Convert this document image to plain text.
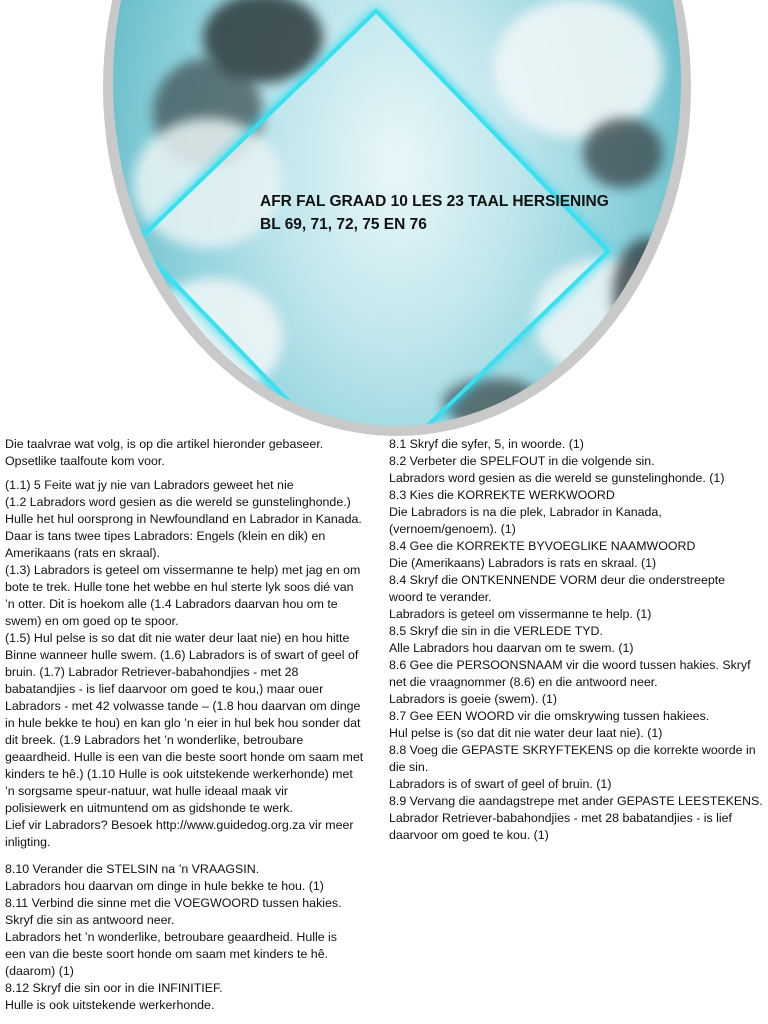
AFR FAL GRAAD 10 LES 23 TAAL HERSIENING
BL 69, 71, 72, 75 EN 76

Die taalvrae wat volg, is op die artikel hieronder gebaseer.

Opsetlike taalfoute kom voor.

(1.1) 5 Feite wat jy nie van Labradors geweet het nie

(1.2 Labradors word gesien as die wereld se gunstelinghonde.)

Hulle het hul oorsprong in Newfoundland en Labrador in Kanada.

Daar is tans twee tipes Labradors: Engels (klein en dik) en

Amerikaans (rats en skraal).

(1.3) Labradors is geteel om vissermanne te help) met jag en om

bote te trek. Hulle tone het webbe en hul sterte lyk soos dié van

’n otter. Dit is hoekom alle (1.4 Labradors daarvan hou om te

swem) en om goed op te spoor.

(1.5) Hul pelse is so dat dit nie water deur laat nie) en hou hitte

Binne wanneer hulle swem. (1.6) Labradors is of swart of geel of

bruin. (1.7) Labrador Retriever-babahondjies - met 28

babatandjies - is lief daarvoor om goed te kou,) maar ouer

Labradors - met 42 volwasse tande – (1.8 hou daarvan om dinge

in hule bekke te hou) en kan glo ’n eier in hul bek hou sonder dat

dit breek. (1.9 Labradors het ’n wonderlike, betroubare

geaardheid. Hulle is een van die beste soort honde om saam met

kinders te hê.) (1.10 Hulle is ook uitstekende werkerhonde) met

’n sorgsame speur-natuur, wat hulle ideaal maak vir

polisiewerk en uitmuntend om as gidshonde te werk.

Lief vir Labradors? Besoek http://www.guidedog.org.za vir meer

inligting.

8.10 Verander die STELSIN na ’n VRAAGSIN.

Labradors hou daarvan om dinge in hule bekke te hou. (1)

8.11 Verbind die sinne met die VOEGWOORD tussen hakies.

Skryf die sin as antwoord neer.

Labradors het ’n wonderlike, betroubare geaardheid. Hulle is

een van die beste soort honde om saam met kinders te hê.

(daarom) (1)

8.12 Skryf die sin oor in die INFINITIEF.

Hulle is ook uitstekende werkerhonde.

8.1 Skryf die syfer, 5, in woorde. (1)

8.2 Verbeter die SPELFOUT in die volgende sin.

Labradors word gesien as die wereld se gunstelinghonde. (1)

8.3 Kies die KORREKTE WERKWOORD

Die Labradors is na die plek, Labrador in Kanada,

(vernoem/genoem). (1)

8.4 Gee die KORREKTE BYVOEGLIKE NAAMWOORD

Die (Amerikaans) Labradors is rats en skraal. (1)

8.4 Skryf die ONTKENNENDE VORM deur die onderstreepte

woord te verander.

Labradors is geteel om vissermanne te help. (1)

8.5 Skryf die sin in die VERLEDE TYD.

Alle Labradors hou daarvan om te swem. (1)

8.6 Gee die PERSOONSNAAM vir die woord tussen hakies. Skryf

net die vraagnommer (8.6) en die antwoord neer.

Labradors is goeie (swem). (1)

8.7 Gee EEN WOORD vir die omskrywing tussen hakiees.

Hul pelse is (so dat dit nie water deur laat nie). (1)

8.8 Voeg die GEPASTE SKRYFTEKENS op die korrekte woorde in

die sin.

Labradors is of swart of geel of bruin. (1)

8.9 Vervang die aandagstrepe met ander GEPASTE LEESTEKENS.

Labrador Retriever-babahondjies - met 28 babatandjies - is lief

daarvoor om goed te kou. (1)
